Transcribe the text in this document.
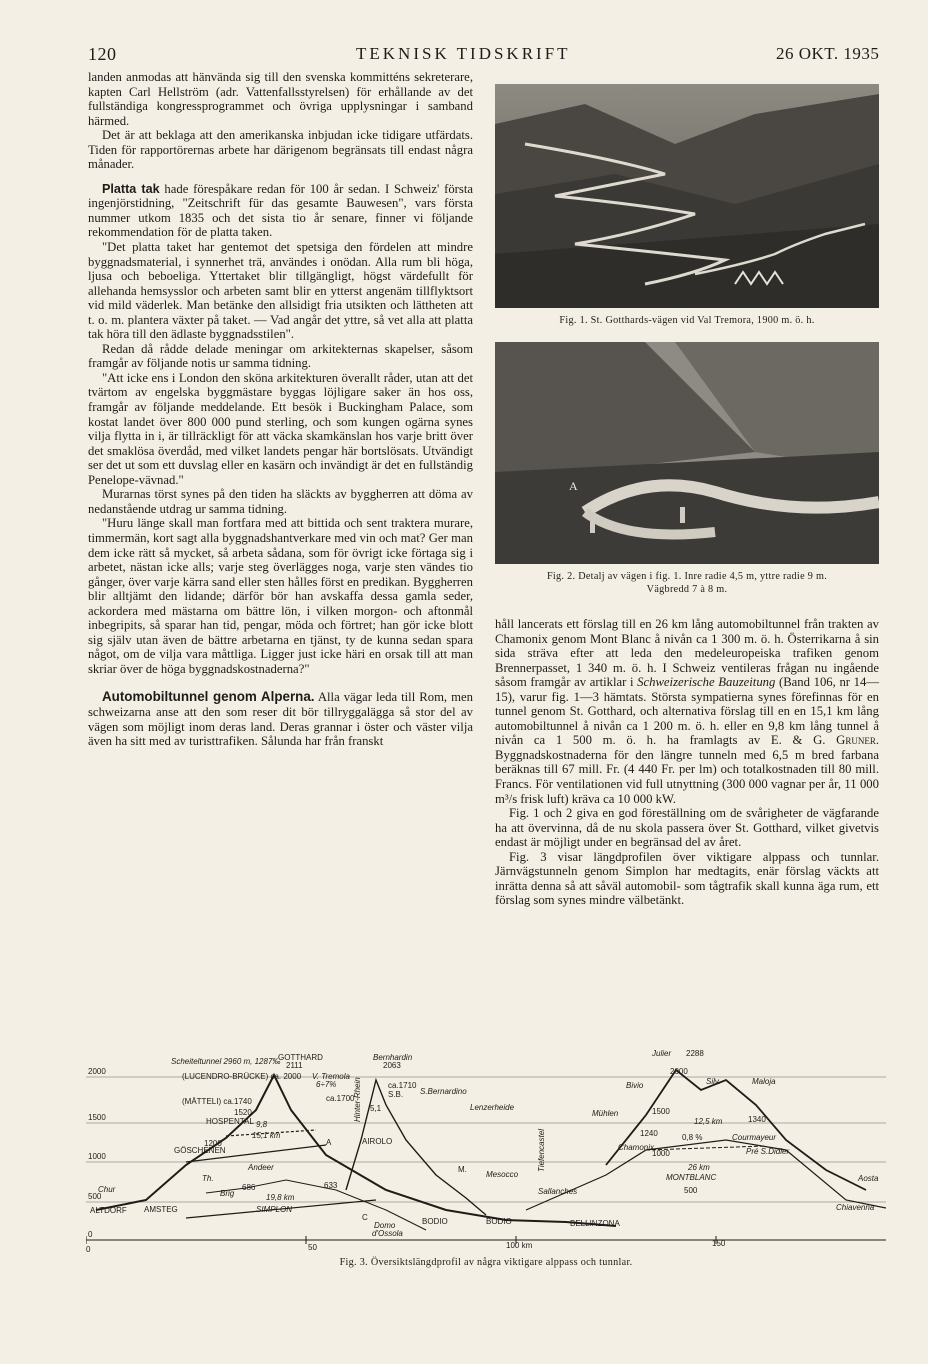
120	TEKNISK TIDSKRIFT	26 OKT. 1935

landen anmodas att hänvända sig till den svenska kommitténs sekreterare, kapten Carl Hellström (adr. Vattenfallsstyrelsen) för erhållande av det fullständiga kongressprogrammet och övriga upplysningar i samband härmed.

Det är att beklaga att den amerikanska inbjudan icke tidigare utfärdats. Tiden för rapportörernas arbete har därigenom begränsats till endast några månader.

Platta tak hade förespåkare redan för 100 år sedan. I Schweiz' första ingenjörstidning, "Zeitschrift für das gesamte Bauwesen", vars första nummer utkom 1835 och det sista tio år senare, finner vi följande rekommendation för de platta taken.

"Det platta taket har gentemot det spetsiga den fördelen att mindre byggnadsmaterial, i synnerhet trä, användes i onödan. Alla rum bli höga, ljusa och beboeliga. Yttertaket blir tillgängligt, högst värdefullt för allehanda hemsysslor och arbeten samt blir en ytterst angenäm tillflyktsort vid mild väderlek. Man betänke den allsidigt fria utsikten och lättheten att t. o. m. plantera växter på taket. — Vad angår det yttre, så vet alla att platta tak höra till den ädlaste byggnadsstilen".

Redan då rådde delade meningar om arkitekternas skapelser, såsom framgår av följande notis ur samma tidning.

"Att icke ens i London den sköna arkitekturen överallt råder, utan att det tvärtom av engelska byggmästare byggas löjligare saker än hos oss, framgår av följande meddelande. Ett besök i Buckingham Palace, som kostat landet över 800 000 pund sterling, och som kungen ogärna synes vilja flytta in i, är tillräckligt för att väcka skamkänslan hos varje britt över det smaklösa överdåd, med vilket landets pengar här bortslösats. Utvändigt ser det ut som ett duvslag eller en kasärn och invändigt är det en fullständig Penelope-vävnad."

Murarnas törst synes på den tiden ha släckts av byggherren att döma av nedanstående utdrag ur samma tidning.

"Huru länge skall man fortfara med att bittida och sent traktera murare, timmermän, kort sagt alla byggnadshantverkare med vin och mat? Ger man dem icke rätt så mycket, så arbeta sådana, som för övrigt icke förtaga sig i arbetet, nästan icke alls; varje steg överlägges noga, varje sten vändes tio gånger, över varje kärra sand eller sten hålles först en predikan. Byggherren blir alltjämt den lidande; därför bör han avskaffa dessa gamla seder, ackordera med mästarna om bättre lön, i vilken morgon- och aftonmål inbegripits, så sparar han tid, pengar, möda och förtret; han gör icke blott sig själv utan även de bättre arbetarna en tjänst, ty de kunna sedan spara något, om de vilja vara måttliga. Ligger just icke häri en orsak till att man skriar över de höga byggnadskostnaderna?"

Automobiltunnel genom Alperna. Alla vägar leda till Rom, men schweizarna anse att den som reser dit bör tillryggalägga så stor del av vägen som möjligt inom deras land. Deras grannar i öster och väster vilja även ha sitt med av turisttrafiken. Sålunda har från franskt

Fig. 1. St. Gotthards-vägen vid Val Tremora, 1900 m. ö. h.
A
Fig. 2. Detalj av vägen i fig. 1. Inre radie 4,5 m, yttre radie 9 m.
Vägbredd 7 à 8 m.

håll lancerats ett förslag till en 26 km lång automobiltunnel från trakten av Chamonix genom Mont Blanc å nivån ca 1 300 m. ö. h. Österrikarna å sin sida sträva efter att leda den medeleuropeiska trafiken genom Brennerpasset, 1 340 m. ö. h. I Schweiz ventileras frågan nu ingående såsom framgår av artiklar i Schweizerische Bauzeitung (Band 106, nr 14—15), varur fig. 1—3 hämtats. Största sympatierna synes förefinnas för en tunnel genom St. Gotthard, och alternativa förslag till en en 15,1 km lång automobiltunnel å nivån ca 1 200 m. ö. h. eller en 9,8 km lång tunnel å nivån ca 1 500 m. ö. h. ha framlagts av E. & G. Gruner. Byggnadskostnaderna för den längre tunneln med 6,5 m bred farbana beräknas till 67 mill. Fr. (4 440 Fr. per lm) och totalkostnaden till 80 mill. Francs. För ventilationen vid full utnyttning (300 000 vagnar per år, 11 000 m³/s frisk luft) kräva ca 10 000 kW.

Fig. 1 och 2 giva en god föreställning om de svårigheter de vägfarande ha att övervinna, då de nu skola passera över St. Gotthard, vilket givetvis endast är möjligt under en begränsad del av året.

Fig. 3 visar längdprofilen över viktigare alppass och tunnlar. Järnvägstunneln genom Simplon har medtagits, enär förslag väckts att inrätta denna så att såväl automobil- som tågtrafik skall kunna äga rum, ett förslag som synes mindre välbetänkt.

2000
1500
1000
500
0
0	50	100 km	150
Scheiteltunnel 2960 m, 1287‰
GOTTHARD
2111
(LUCENDRO-BRÜCKE) ca. 2000 V. Tremola
6÷7%
ca.1700
(MÄTTELI) ca.1740
HOSPENTAL
1520
9,8
15,1 km
GÖSCHENEN
1200	AIROLO
A
Andeer
Th.
Chur	Brig
686
19,8 km
633
SIMPLON
ALTDORF AMSTEG
Domo
d'Ossola
C	BODIO	BODIO	BELLINZONA
Bernhardin
2063
Hinter-Rhein	S.B.
ca.1710
5,1
S.Bernardino
Mesocco
M.
Lenzerheide
Tiefencastel
Sallanches
Julier 2288
2000
Bivio	Silv.	Maloja
Mühlen	1500
12,5 km	1340
1240	0,8 %
Chamonix
1000
Courmayeur
Pré S.Didier
26 km
MONTBLANC
500
Aosta
Chiavenna
Fig. 3. Översiktslängdprofil av några viktigare alppass och tunnlar.
